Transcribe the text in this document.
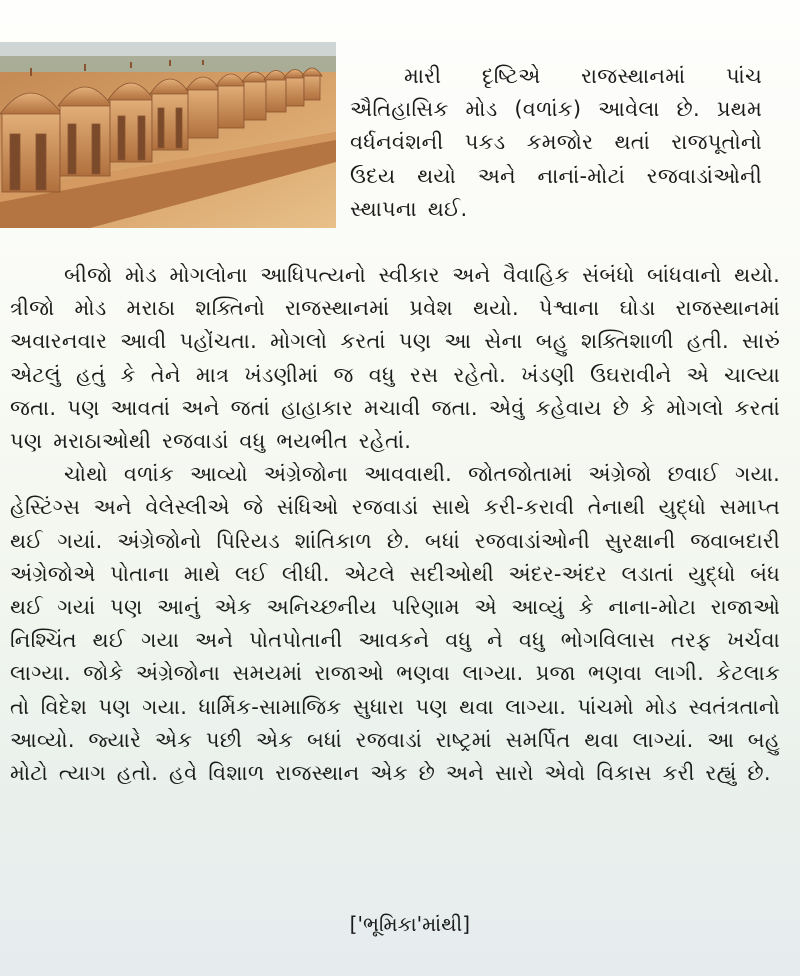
મારી દૃષ્ટિએ રાજસ્થાનમાં પાંચ ઐતિહાસિક મોડ (વળાંક) આવેલા છે. પ્રથમ વર્ધનવંશની પકડ કમજોર થતાં રાજપૂતોનો ઉદય થયો અને નાનાં-મોટાં રજવાડાંઓની સ્થાપના થઈ.

બીજો મોડ મોગલોના આધિપત્યનો સ્વીકાર અને વૈવાહિક સંબંધો બાંધવાનો થયો. ત્રીજો મોડ મરાઠા શક્તિનો રાજસ્થાનમાં પ્રવેશ થયો. પેશ્વાના ઘોડા રાજસ્થાનમાં અવારનવાર આવી પહોંચતા. મોગલો કરતાં પણ આ સેના બહુ શક્તિશાળી હતી. સારું એટલું હતું કે તેને માત્ર ખંડણીમાં જ વધુ રસ રહેતો. ખંડણી ઉઘરાવીને એ ચાલ્યા જતા. પણ આવતાં અને જતાં હાહાકાર મચાવી જતા. એવું કહેવાય છે કે મોગલો કરતાં પણ મરાઠાઓથી રજવાડાં વધુ ભયભીત રહેતાં.

ચોથો વળાંક આવ્યો અંગ્રેજોના આવવાથી. જોતજોતામાં અંગ્રેજો છવાઈ ગયા. હેસ્ટિંગ્સ અને વેલેસ્લીએ જે સંધિઓ રજવાડાં સાથે કરી-કરાવી તેનાથી યુદ્ધો સમાપ્ત થઈ ગયાં. અંગ્રેજોનો પિરિયડ શાંતિકાળ છે. બધાં રજવાડાંઓની સુરક્ષાની જવાબદારી અંગ્રેજોએ પોતાના માથે લઈ લીધી. એટલે સદીઓથી અંદર-અંદર લડાતાં યુદ્ધો બંધ થઈ ગયાં પણ આનું એક અનિચ્છનીય પરિણામ એ આવ્યું કે નાના-મોટા રાજાઓ નિશ્ચિંત થઈ ગયા અને પોતપોતાની આવકને વધુ ને વધુ ભોગવિલાસ તરફ ખર્ચવા લાગ્યા. જોકે અંગ્રેજોના સમયમાં રાજાઓ ભણવા લાગ્યા. પ્રજા ભણવા લાગી. કેટલાક તો વિદેશ પણ ગયા. ધાર્મિક-સામાજિક સુધારા પણ થવા લાગ્યા. પાંચમો મોડ સ્વતંત્રતાનો આવ્યો. જ્યારે એક પછી એક બધાં રજવાડાં રાષ્ટ્રમાં સમર્પિત થવા લાગ્યાં. આ બહુ મોટો ત્યાગ હતો. હવે વિશાળ રાજસ્થાન એક છે અને સારો એવો વિકાસ કરી રહ્યું છે.

['ભૂમિકા'માંથી]
